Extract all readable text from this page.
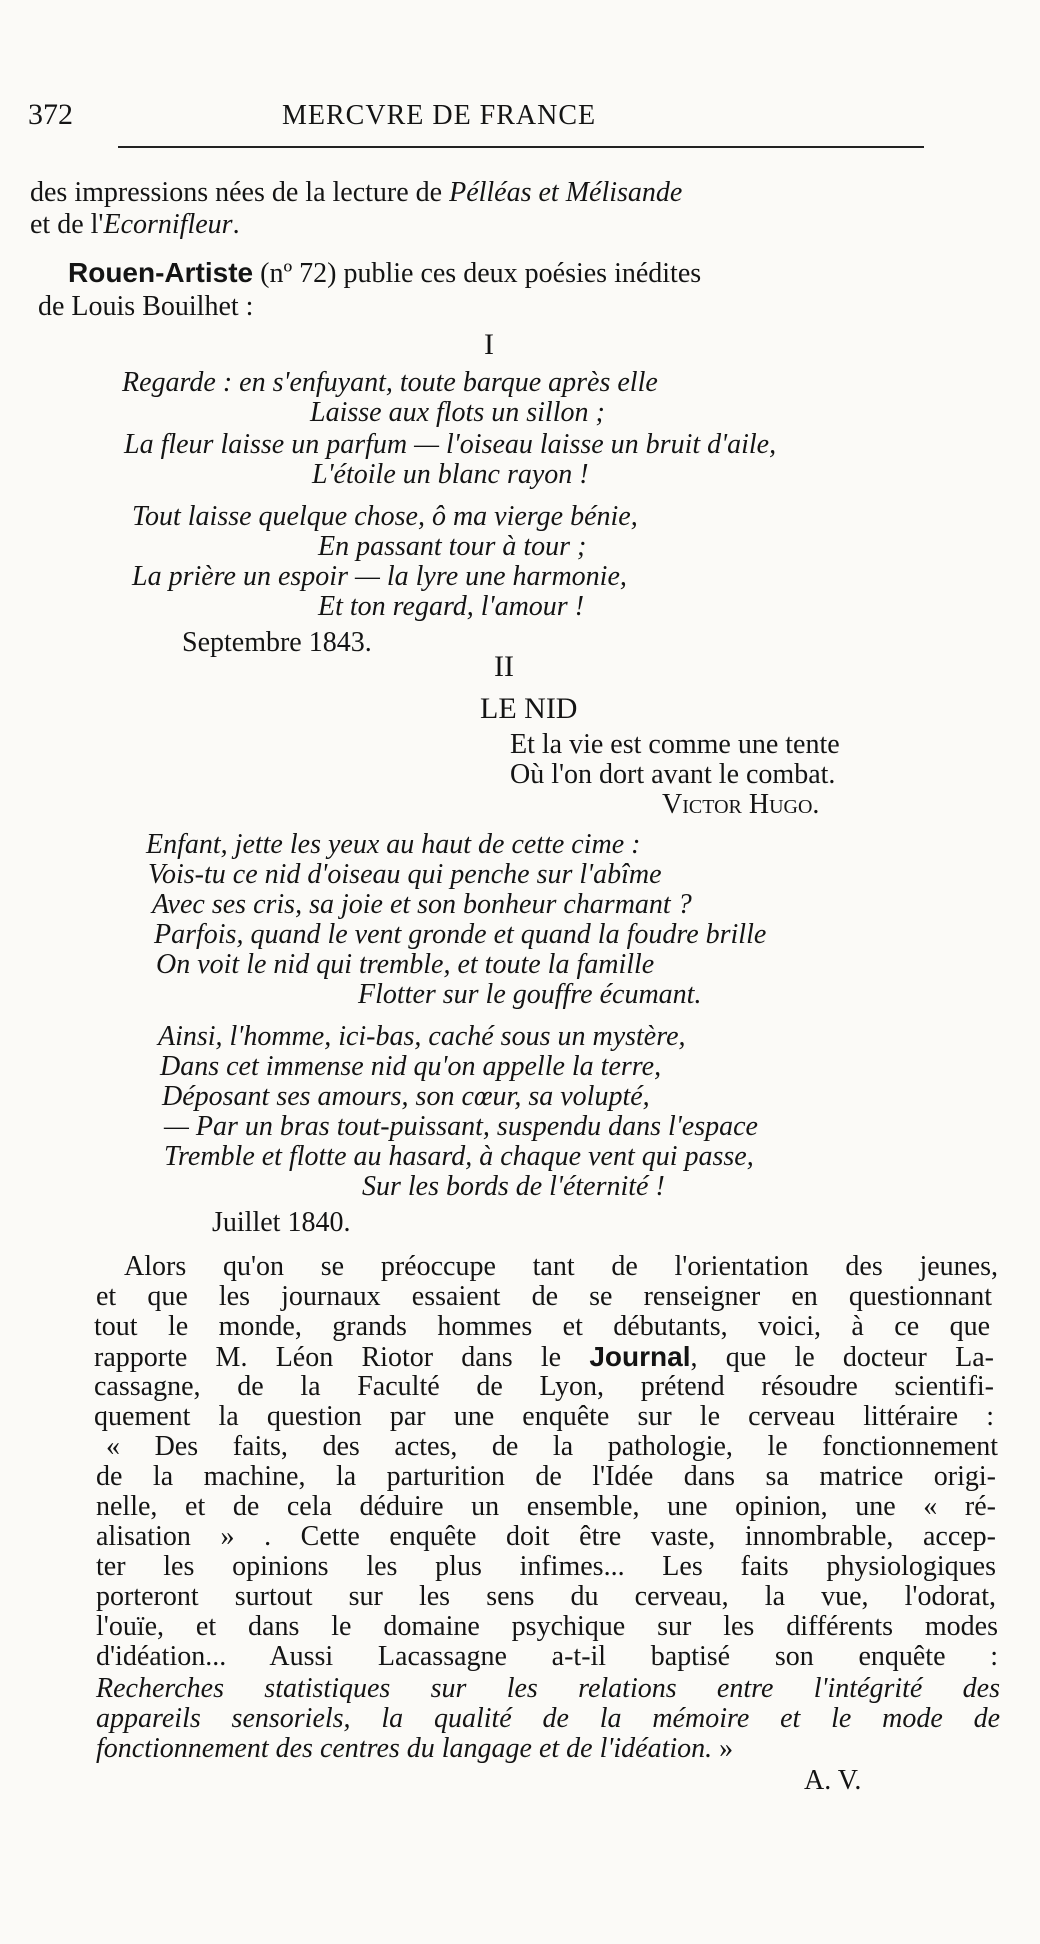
372	MERCVRE DE FRANCE
des impressions nées de la lecture de Pélléas et Mélisande
et de l'Ecornifleur.
Rouen-Artiste (nº 72) publie ces deux poésies inédites
de Louis Bouilhet :
I
Regarde : en s'enfuyant, toute barque après elle
Laisse aux flots un sillon ;
La fleur laisse un parfum — l'oiseau laisse un bruit d'aile,
L'étoile un blanc rayon !
Tout laisse quelque chose, ô ma vierge bénie,
En passant tour à tour ;
La prière un espoir — la lyre une harmonie,
Et ton regard, l'amour !
Septembre 1843.
II
LE NID
Et la vie est comme une tente
Où l'on dort avant le combat.
Victor Hugo.
Enfant, jette les yeux au haut de cette cime :
Vois-tu ce nid d'oiseau qui penche sur l'abîme
Avec ses cris, sa joie et son bonheur charmant ?
Parfois, quand le vent gronde et quand la foudre brille
On voit le nid qui tremble, et toute la famille
Flotter sur le gouffre écumant.
Ainsi, l'homme, ici-bas, caché sous un mystère,
Dans cet immense nid qu'on appelle la terre,
Déposant ses amours, son cœur, sa volupté,
— Par un bras tout-puissant, suspendu dans l'espace
Tremble et flotte au hasard, à chaque vent qui passe,
Sur les bords de l'éternité !
Juillet 1840.
Alors qu'on se préoccupe tant de l'orientation des jeunes,
et que les journaux essaient de se renseigner en questionnant
tout le monde, grands hommes et débutants, voici, à ce que
rapporte M. Léon Riotor dans le Journal, que le docteur La-
cassagne, de la Faculté de Lyon, prétend résoudre scientifi-
quement la question par une enquête sur le cerveau littéraire :
« Des faits, des actes, de la pathologie, le fonctionnement
de la machine, la parturition de l'Idée dans sa matrice origi-
nelle, et de cela déduire un ensemble, une opinion, une « ré-
alisation » . Cette enquête doit être vaste, innombrable, accep-
ter les opinions les plus infimes... Les faits physiologiques
porteront surtout sur les sens du cerveau, la vue, l'odorat,
l'ouïe, et dans le domaine psychique sur les différents modes
d'idéation... Aussi Lacassagne a-t-il baptisé son enquête :
Recherches statistiques sur les relations entre l'intégrité des
appareils sensoriels, la qualité de la mémoire et le mode de
fonctionnement des centres du langage et de l'idéation. »
A. V.
